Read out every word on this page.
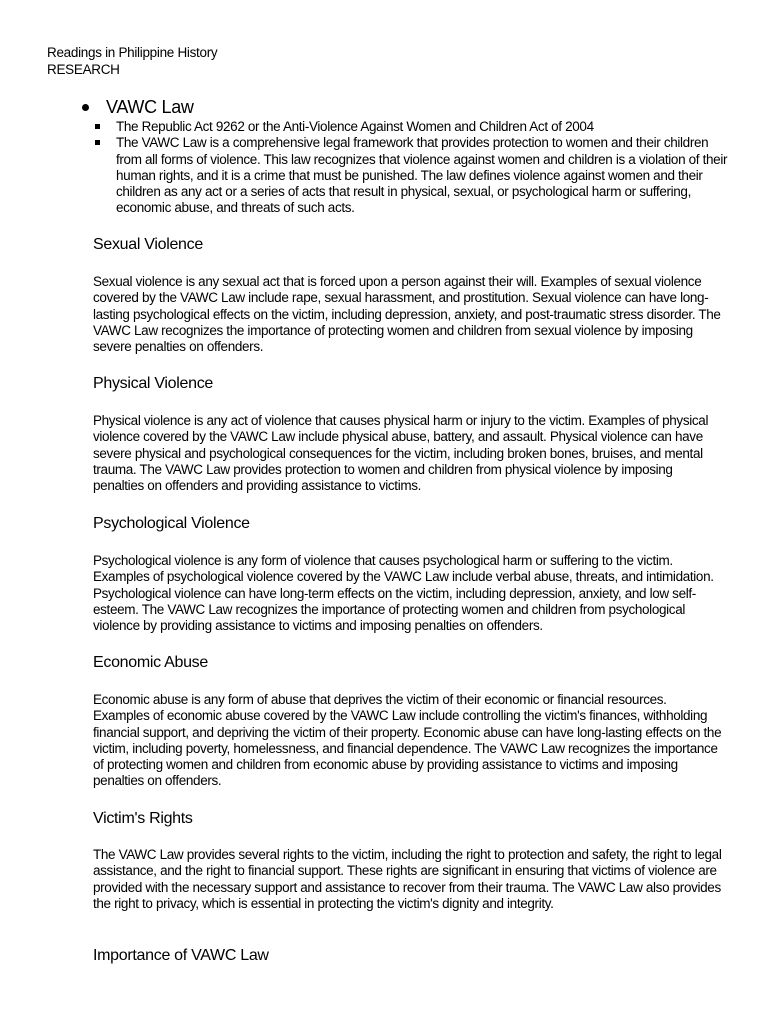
Readings in Philippine History
RESEARCH
VAWC Law
The Republic Act 9262 or the Anti-Violence Against Women and Children Act of 2004
The VAWC Law is a comprehensive legal framework that provides protection to women and their children from all forms of violence. This law recognizes that violence against women and children is a violation of their human rights, and it is a crime that must be punished. The law defines violence against women and their children as any act or a series of acts that result in physical, sexual, or psychological harm or suffering, economic abuse, and threats of such acts.
Sexual Violence

Sexual violence is any sexual act that is forced upon a person against their will. Examples of sexual violence covered by the VAWC Law include rape, sexual harassment, and prostitution. Sexual violence can have long-lasting psychological effects on the victim, including depression, anxiety, and post-traumatic stress disorder. The VAWC Law recognizes the importance of protecting women and children from sexual violence by imposing severe penalties on offenders.

Physical Violence

Physical violence is any act of violence that causes physical harm or injury to the victim. Examples of physical violence covered by the VAWC Law include physical abuse, battery, and assault. Physical violence can have severe physical and psychological consequences for the victim, including broken bones, bruises, and mental trauma. The VAWC Law provides protection to women and children from physical violence by imposing penalties on offenders and providing assistance to victims.

Psychological Violence

Psychological violence is any form of violence that causes psychological harm or suffering to the victim. Examples of psychological violence covered by the VAWC Law include verbal abuse, threats, and intimidation. Psychological violence can have long-term effects on the victim, including depression, anxiety, and low self-esteem. The VAWC Law recognizes the importance of protecting women and children from psychological violence by providing assistance to victims and imposing penalties on offenders.

Economic Abuse

Economic abuse is any form of abuse that deprives the victim of their economic or financial resources. Examples of economic abuse covered by the VAWC Law include controlling the victim's finances, withholding financial support, and depriving the victim of their property. Economic abuse can have long-lasting effects on the victim, including poverty, homelessness, and financial dependence. The VAWC Law recognizes the importance of protecting women and children from economic abuse by providing assistance to victims and imposing penalties on offenders.

Victim's Rights

The VAWC Law provides several rights to the victim, including the right to protection and safety, the right to legal assistance, and the right to financial support. These rights are significant in ensuring that victims of violence are provided with the necessary support and assistance to recover from their trauma. The VAWC Law also provides the right to privacy, which is essential in protecting the victim's dignity and integrity.

Importance of VAWC Law
